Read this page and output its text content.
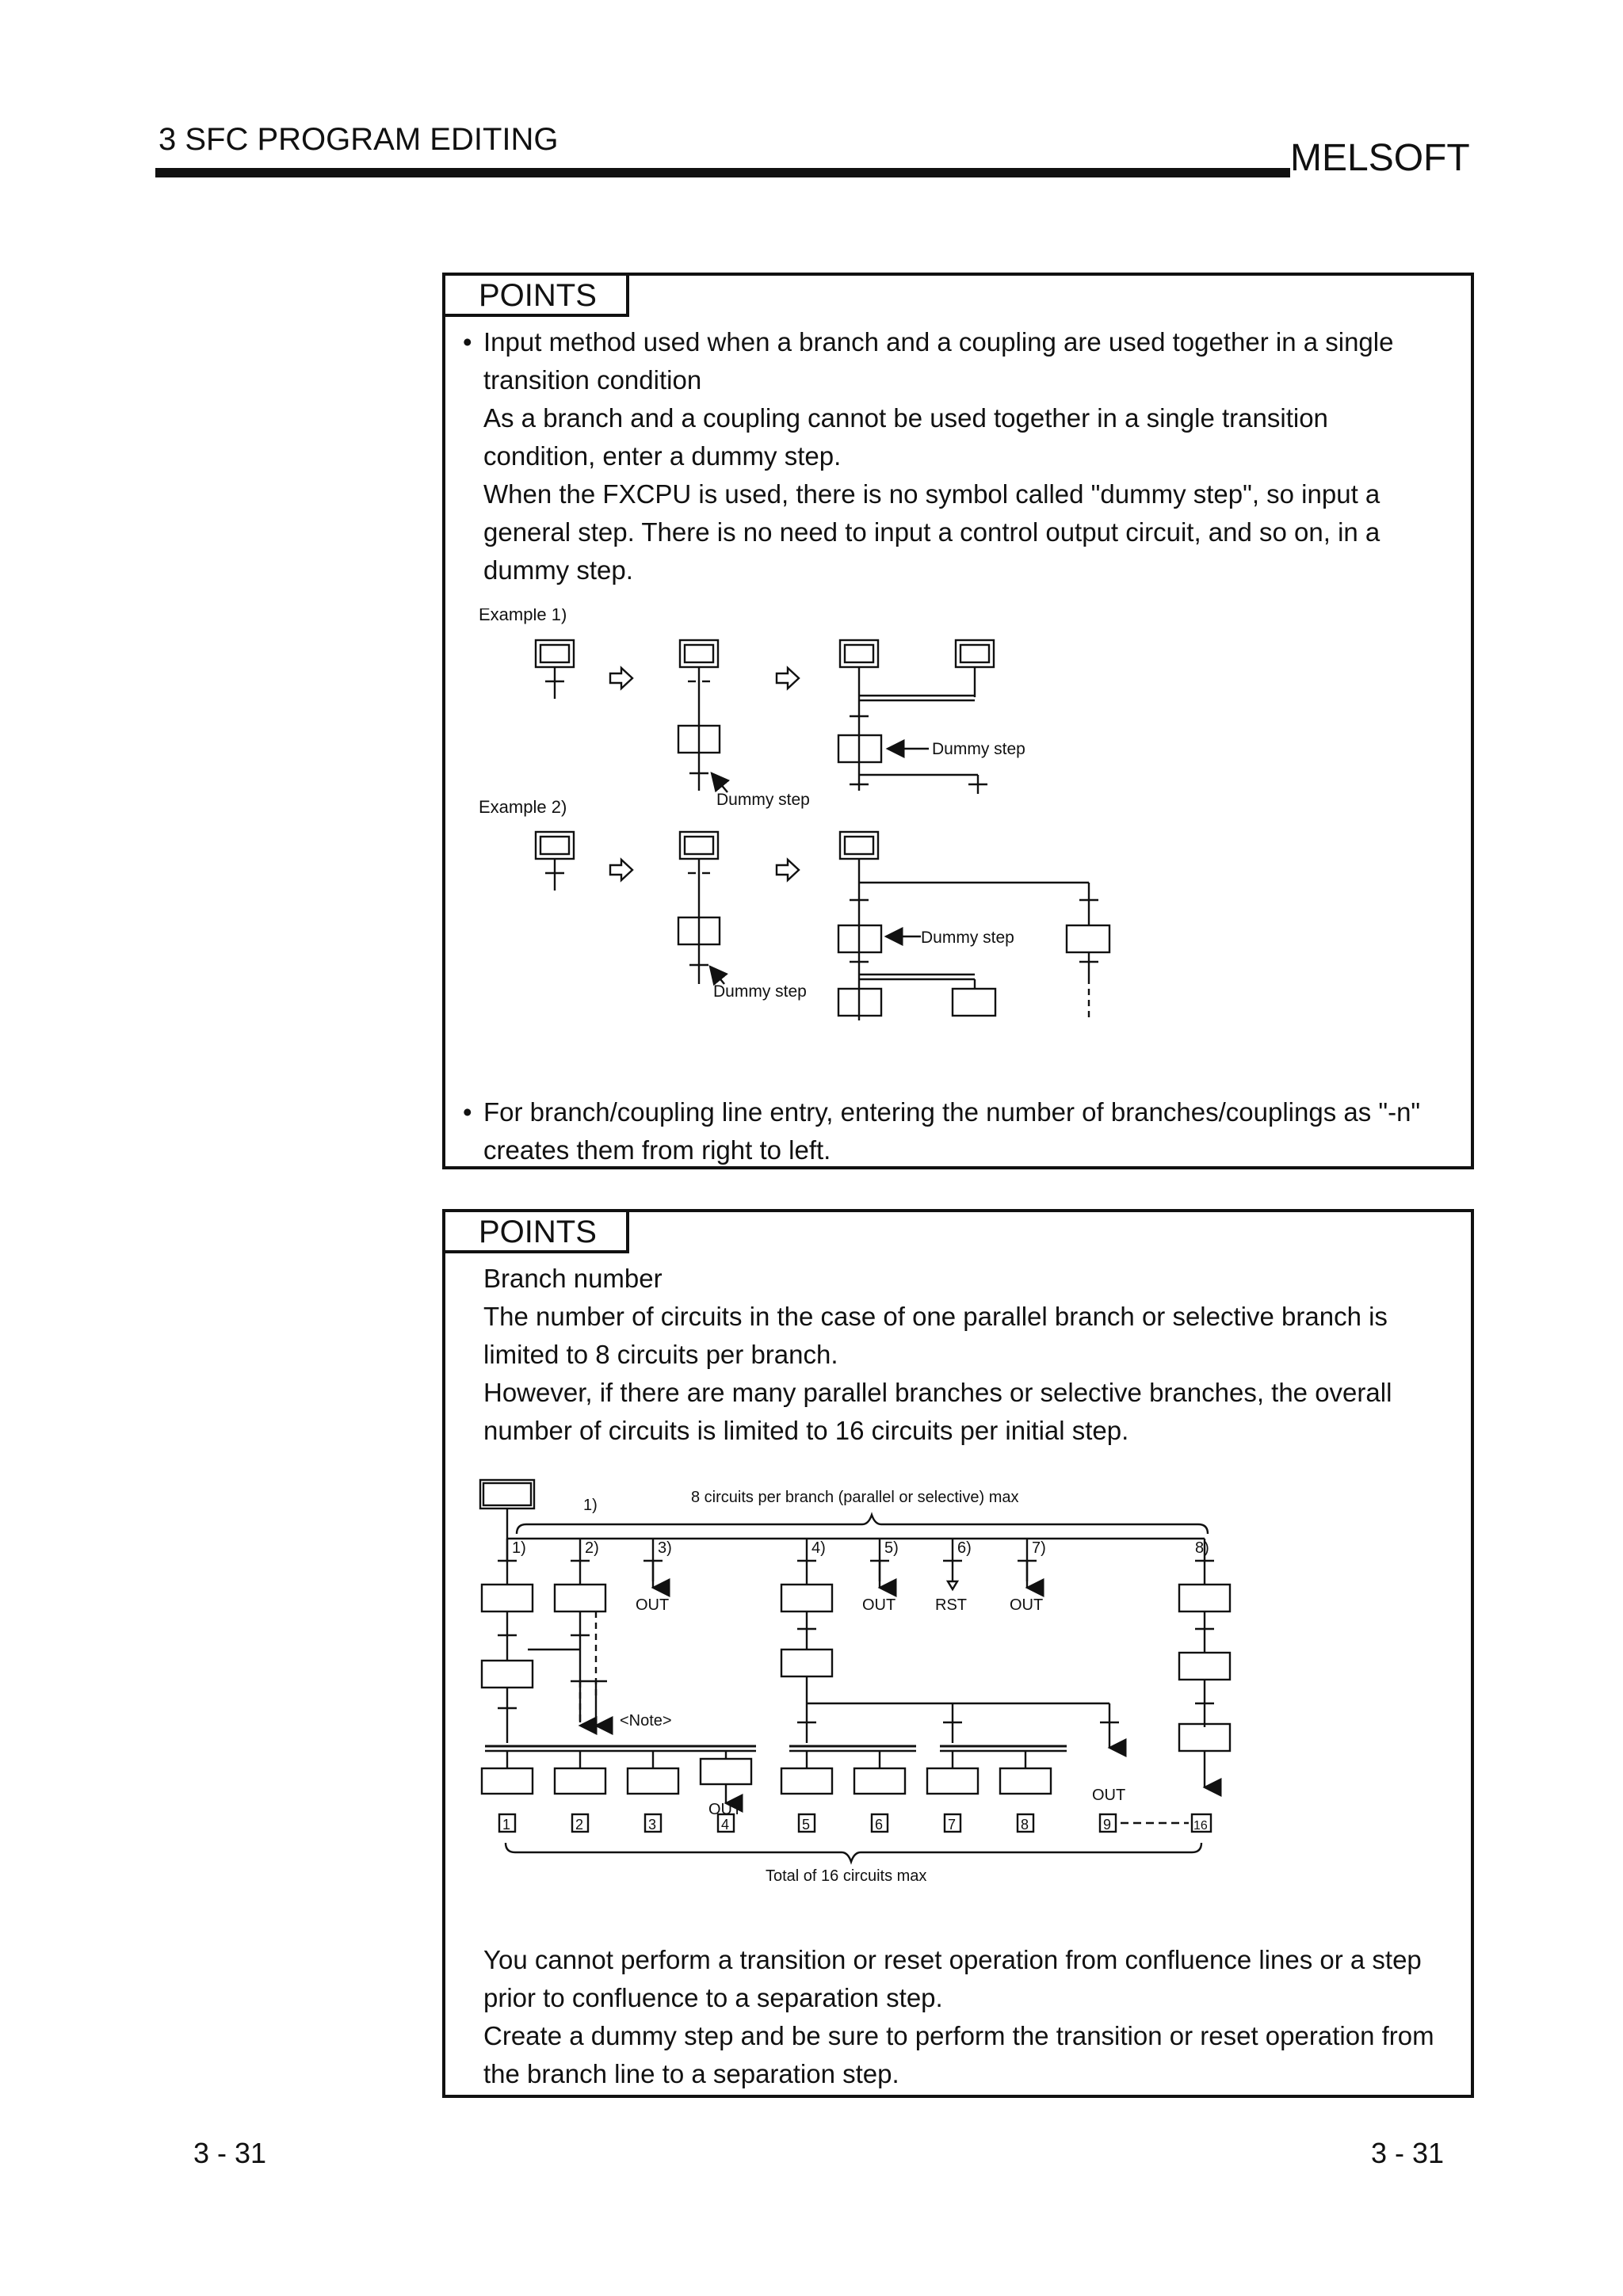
3 SFC PROGRAM EDITING	MELSOFT
POINTS
• Input method used when a branch and a coupling are used together in a single
transition condition
As a branch and a coupling cannot be used together in a single transition
condition, enter a dummy step.
When the FXCPU is used, there is no symbol called "dummy step", so input a
general step. There is no need to input a control output circuit, and so on, in a
dummy step.
Example 1)
Example 2)	Dummy step
Dummy step
Dummy step
Dummy step
• For branch/coupling line entry, entering the number of branches/couplings as "-n"
creates them from right to left.
POINTS
Branch number
The number of circuits in the case of one parallel branch or selective branch is
limited to 8 circuits per branch.
However, if there are many parallel branches or selective branches, the overall
number of circuits is limited to 16 circuits per initial step.
8 circuits per branch (parallel or selective) max
1)
1)	2)	3)	4)	5)	6)	7)	8)
OUT	OUT RST	OUT
<Note>
OUT
OUT
1	2	3	4	5	6	7	8	9	16
Total of 16 circuits max
You cannot perform a transition or reset operation from confluence lines or a step
prior to confluence to a separation step.
Create a dummy step and be sure to perform the transition or reset operation from
the branch line to a separation step.
3 - 31	3 - 31
